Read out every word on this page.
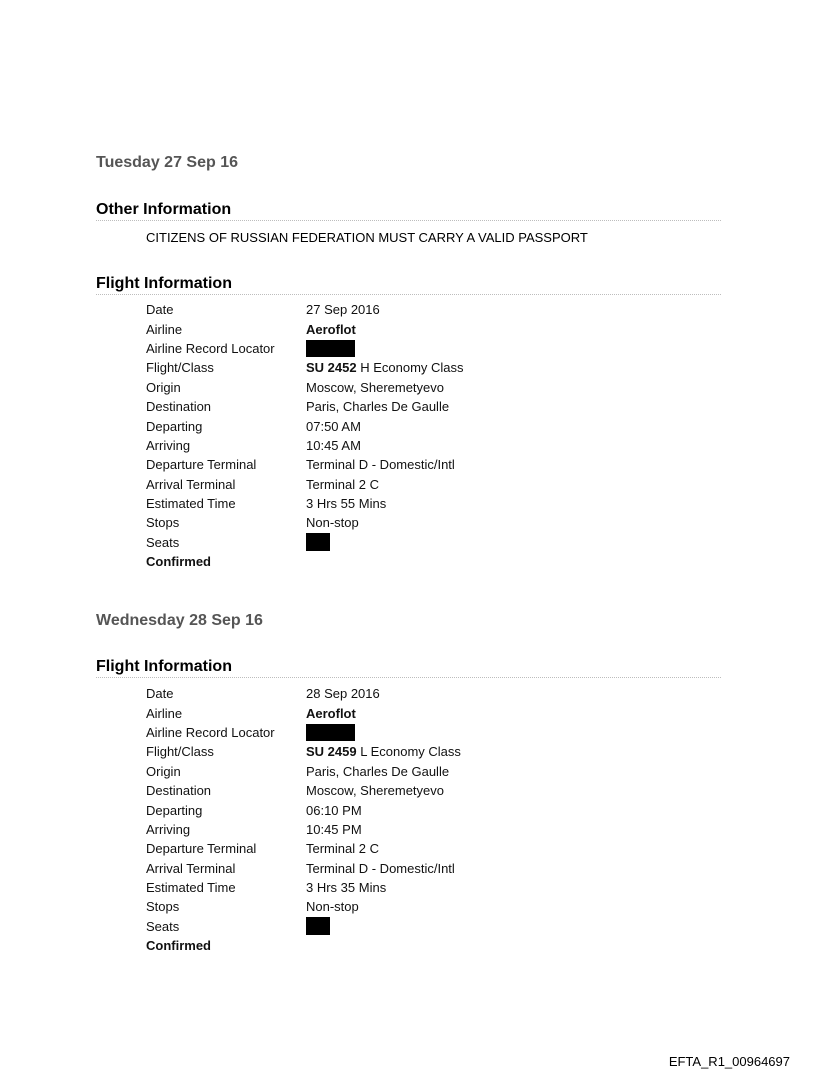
Tuesday 27 Sep 16
Other Information
CITIZENS OF RUSSIAN FEDERATION MUST CARRY A VALID PASSPORT
Flight Information
Date	27 Sep 2016
Airline	Aeroflot
Airline Record Locator
Flight/Class	SU 2452 H Economy Class
Origin	Moscow, Sheremetyevo
Destination	Paris, Charles De Gaulle
Departing	07:50 AM
Arriving	10:45 AM
Departure Terminal	Terminal D - Domestic/Intl
Arrival Terminal	Terminal 2 C
Estimated Time	3 Hrs 55 Mins
Stops	Non-stop
Seats
Confirmed
Wednesday 28 Sep 16
Flight Information
Date	28 Sep 2016
Airline	Aeroflot
Airline Record Locator
Flight/Class	SU 2459 L Economy Class
Origin	Paris, Charles De Gaulle
Destination	Moscow, Sheremetyevo
Departing	06:10 PM
Arriving	10:45 PM
Departure Terminal	Terminal 2 C
Arrival Terminal	Terminal D - Domestic/Intl
Estimated Time	3 Hrs 35 Mins
Stops	Non-stop
Seats
Confirmed
EFTA_R1_00964697
